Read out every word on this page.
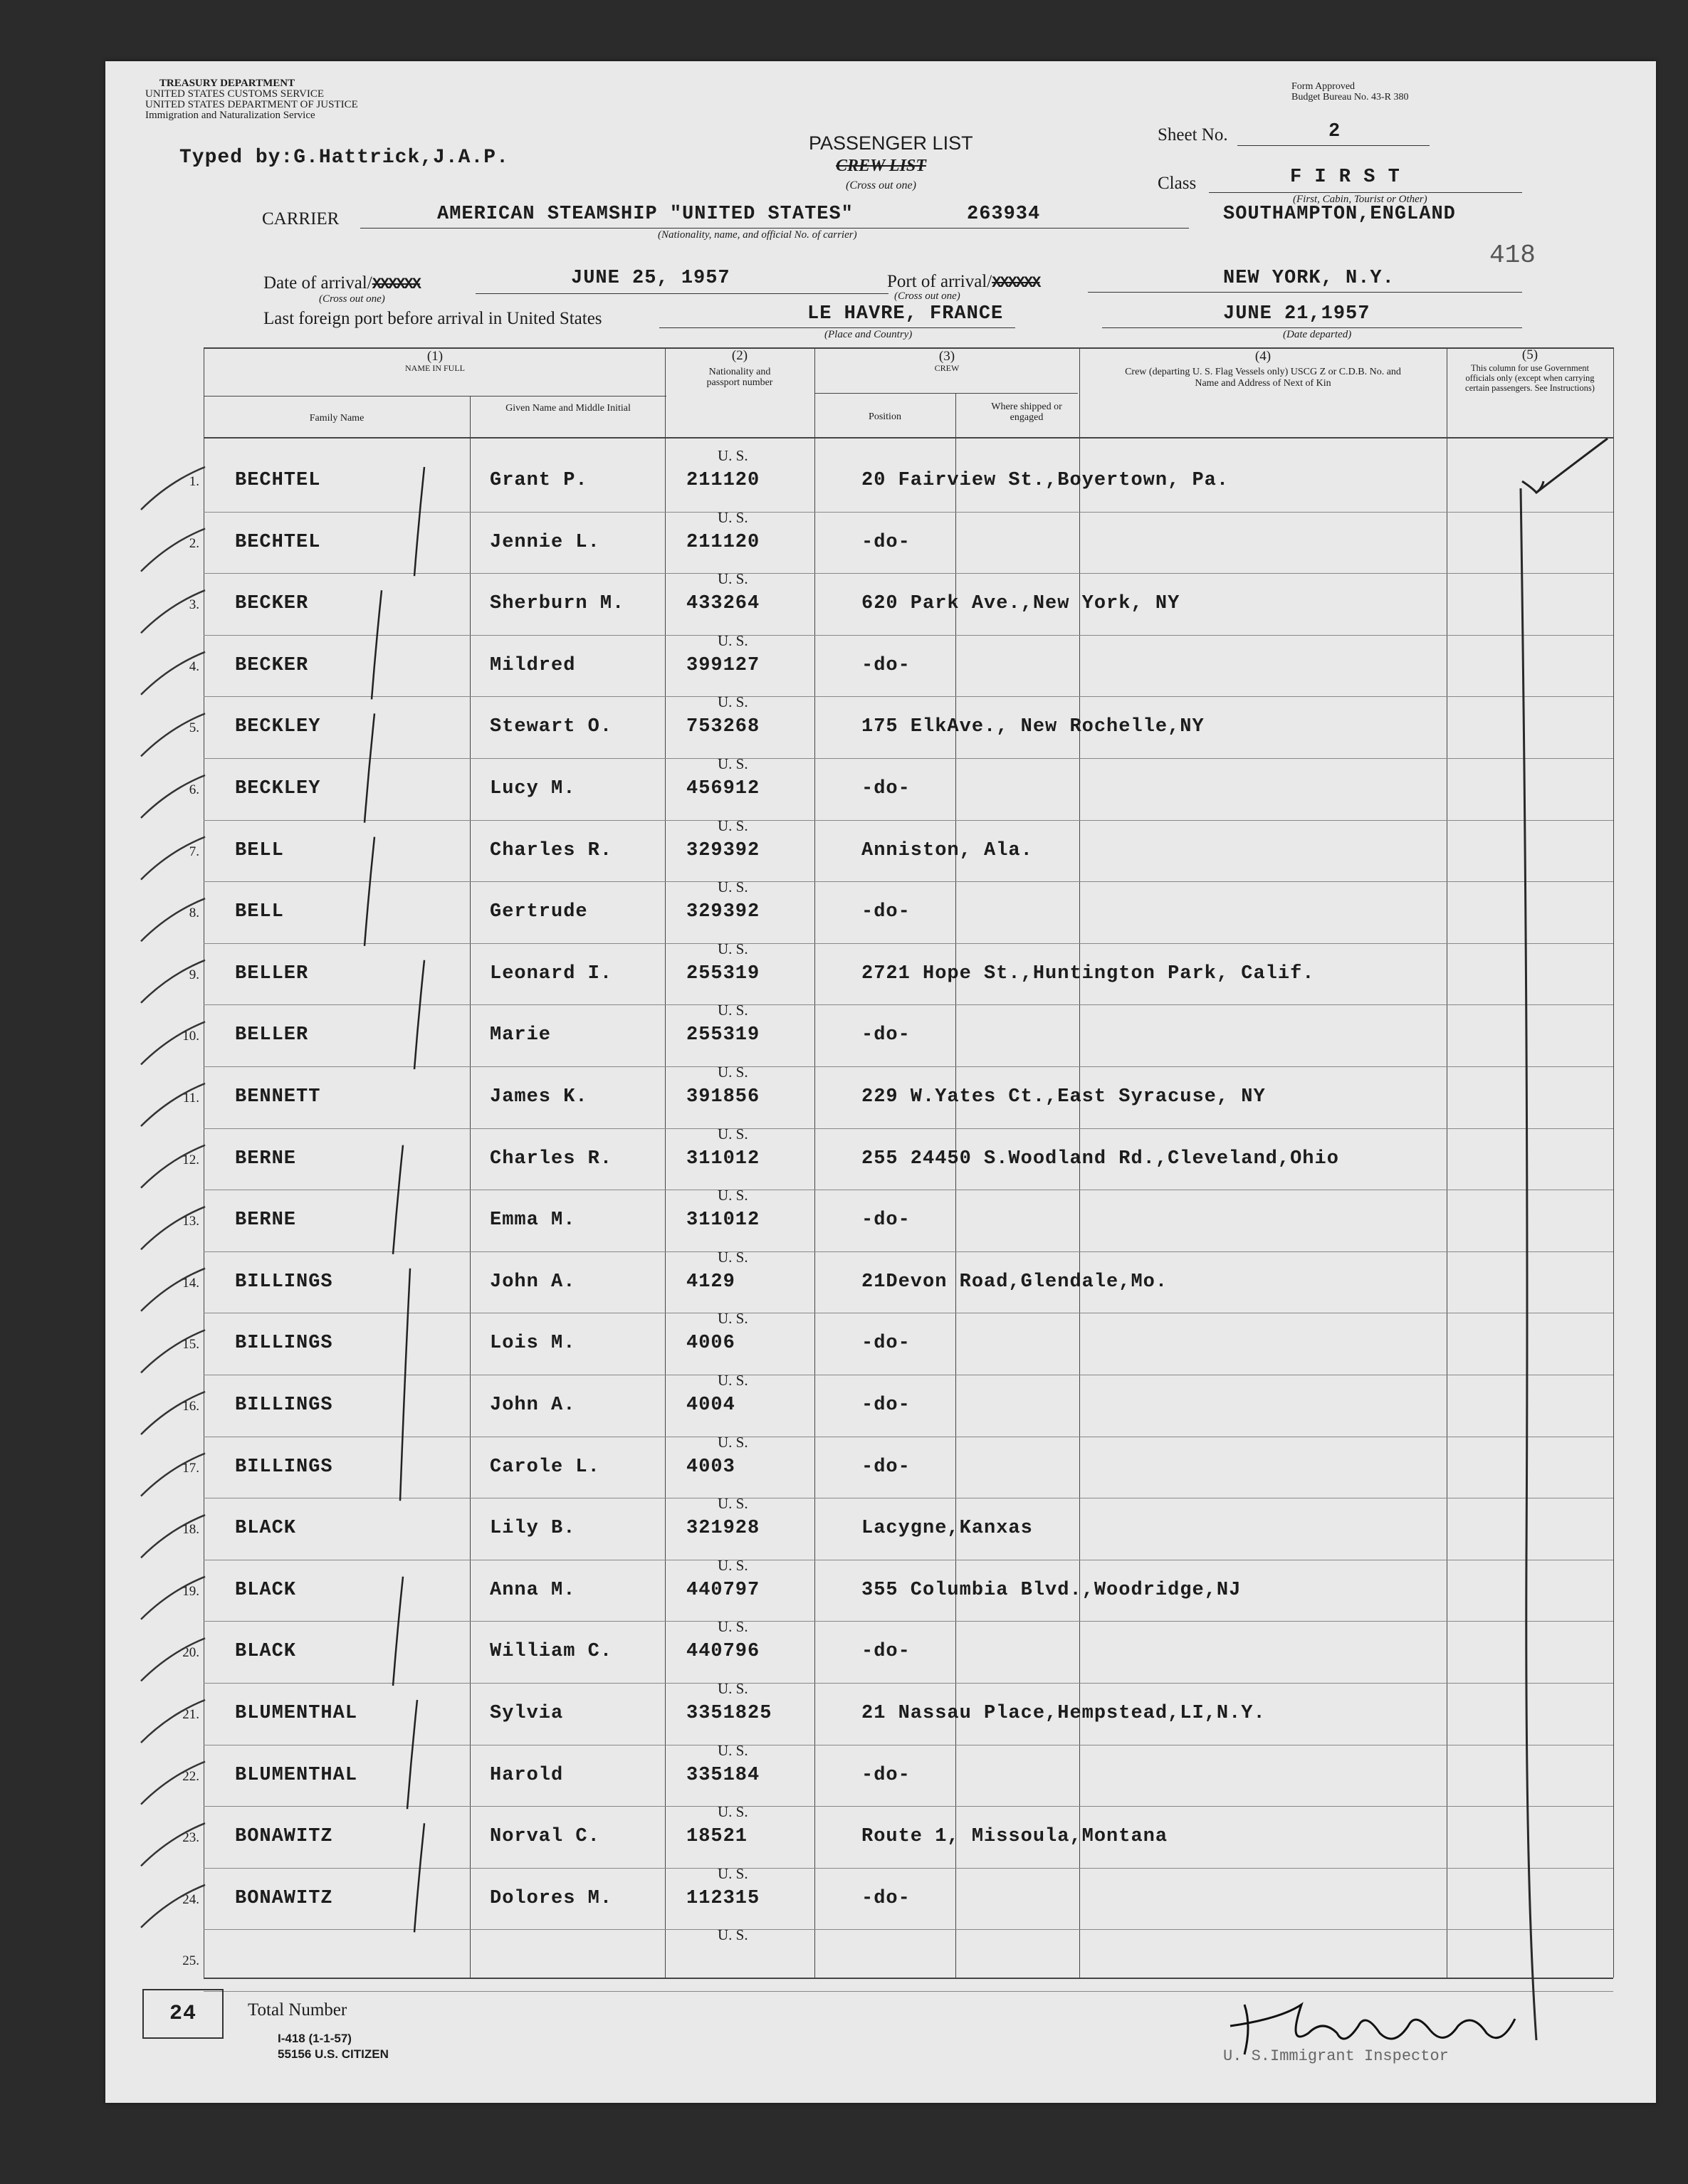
TREASURY DEPARTMENT
UNITED STATES CUSTOMS SERVICE
UNITED STATES DEPARTMENT OF JUSTICE
Immigration and Naturalization Service
Typed by:G.Hattrick,J.A.P.
Form Approved
Budget Bureau No. 43-R 380
PASSENGER LIST
CREW LIST
(Cross out one)
Sheet No.	2
Class	F I R S T
(First, Cabin, Tourist or Other)
CARRIER	AMERICAN STEAMSHIP "UNITED STATES"	263934
(Nationality, name, and official No. of carrier)
SOUTHAMPTON,ENGLAND
418
Date of arrival/XXXXXX
(Cross out one)
JUNE 25, 1957	Port of arrival/XXXXXX
(Cross out one)
NEW YORK, N.Y.
Last foreign port before arrival in United States	LE HAVRE, FRANCE
(Place and Country)
JUNE 21,1957
(Date departed)
(1)
NAME IN FULL
Family Name
Given Name and Middle Initial
(2)
Nationality and passport number
(3)
CREW
Position
Where shipped or engaged
(4)
Crew (departing U. S. Flag Vessels only) USCG Z or C.D.B. No. and Name and Address of Next of Kin
(5)
This column for use Government officials only (except when carrying certain passengers. See Instructions)
1. BECHTEL	Grant P.
U. S.
211120	20 Fairview St.,Boyertown, Pa.
2. BECHTEL	Jennie L.
U. S.
211120	-do-
3. BECKER	Sherburn M.
U. S.
433264	620 Park Ave.,New York, NY
4. BECKER	Mildred
U. S.
399127	-do-
5. BECKLEY	Stewart O.
U. S.
753268	175 ElkAve., New Rochelle,NY
6. BECKLEY	Lucy M.
U. S.
456912	-do-
7. BELL	Charles R.
U. S.
329392	Anniston, Ala.
8. BELL	Gertrude
U. S.
329392	-do-
9. BELLER	Leonard I.
U. S.
255319	2721 Hope St.,Huntington Park, Calif.
10. BELLER	Marie
U. S.
255319	-do-
11. BENNETT	James K.
U. S.
391856	229 W.Yates Ct.,East Syracuse, NY
12. BERNE	Charles R.
U. S.
311012	255 24450 S.Woodland Rd.,Cleveland,Ohio
13. BERNE	Emma M.
U. S.
311012	-do-
14. BILLINGS	John A.
U. S.
4129	21Devon Road,Glendale,Mo.
15. BILLINGS	Lois M.
U. S.
4006	-do-
16. BILLINGS	John A.
U. S.
4004	-do-
17. BILLINGS	Carole L.
U. S.
4003	-do-
18. BLACK	Lily B.
U. S.
321928	Lacygne,Kanxas
19. BLACK	Anna M.
U. S.
440797	355 Columbia Blvd.,Woodridge,NJ
20. BLACK	William C.
U. S.
440796	-do-
21. BLUMENTHAL	Sylvia
U. S.
3351825	21 Nassau Place,Hempstead,LI,N.Y.
22. BLUMENTHAL	Harold
U. S.
335184	-do-
23. BONAWITZ	Norval C.
U. S.
18521	Route 1, Missoula,Montana
24. BONAWITZ	Dolores M.
U. S.
112315	-do-
25.
U. S.
24	Total Number
I-418 (1-1-57)
55156 U.S. CITIZEN	U. S.Immigrant Inspector
